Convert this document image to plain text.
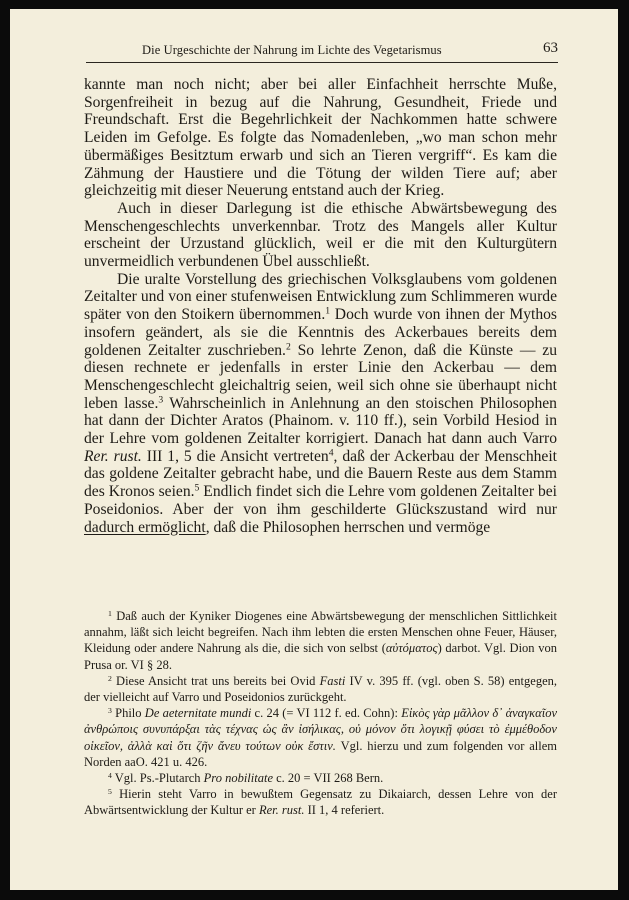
Die Urgeschichte der Nahrung im Lichte des Vegetarismus	63

kannte man noch nicht; aber bei aller Einfachheit herrschte Muße, Sorgenfreiheit in bezug auf die Nahrung, Gesundheit, Friede und Freundschaft. Erst die Begehrlichkeit der Nachkommen hatte schwere Leiden im Gefolge. Es folgte das Nomadenleben, „wo man schon mehr übermäßiges Besitztum erwarb und sich an Tieren vergriff“. Es kam die Zähmung der Haustiere und die Tötung der wilden Tiere auf; aber gleichzeitig mit dieser Neuerung entstand auch der Krieg.

Auch in dieser Darlegung ist die ethische Abwärtsbewegung des Menschengeschlechts unverkennbar. Trotz des Mangels aller Kultur erscheint der Urzustand glücklich, weil er die mit den Kulturgütern unvermeidlich verbundenen Übel ausschließt.

Die uralte Vorstellung des griechischen Volksglaubens vom goldenen Zeitalter und von einer stufenweisen Entwicklung zum Schlimmeren wurde später von den Stoikern übernommen.$^1$ Doch wurde von ihnen der Mythos insofern geändert, als sie die Kenntnis des Ackerbaues bereits dem goldenen Zeitalter zuschrieben.$^2$ So lehrte Zenon, daß die Künste — zu diesen rechnete er jedenfalls in erster Linie den Ackerbau — dem Menschengeschlecht gleichaltrig seien, weil sich ohne sie überhaupt nicht leben lasse.$^3$ Wahrscheinlich in Anlehnung an den stoischen Philosophen hat dann der Dichter Aratos (Phainom. v. 110 ff.), sein Vorbild Hesiod in der Lehre vom goldenen Zeitalter korrigiert. Danach hat dann auch Varro Rer. rust. III 1, 5 die Ansicht vertreten$^4$, daß der Ackerbau der Menschheit das goldene Zeitalter gebracht habe, und die Bauern Reste aus dem Stamm des Kronos seien.$^5$ Endlich findet sich die Lehre vom goldenen Zeitalter bei Poseidonios. Aber der von ihm geschilderte Glückszustand wird nur dadurch ermöglicht, daß die Philosophen herrschen und vermöge

$^1$ Daß auch der Kyniker Diogenes eine Abwärtsbewegung der menschlichen Sittlichkeit annahm, läßt sich leicht begreifen. Nach ihm lebten die ersten Menschen ohne Feuer, Häuser, Kleidung oder andere Nahrung als die, die sich von selbst (αὐτόματος) darbot. Vgl. Dion von Prusa or. VI § 28.

$^2$ Diese Ansicht trat uns bereits bei Ovid Fasti IV v. 395 ff. (vgl. oben S. 58) entgegen, der vielleicht auf Varro und Poseidonios zurückgeht.

$^3$ Philo De aeternitate mundi c. 24 (= VI 112 f. ed. Cohn): Εἰκὸς γὰρ μᾶλλον δ᾽ ἀναγκαῖον ἀνθρώποις συνυπάρξαι τὰς τέχνας ὡς ἂν ἰσήλικας, οὐ μόνον ὅτι λογικῇ φύσει τὸ ἐμμέθοδον οἰκεῖον, ἀλλὰ καὶ ὅτι ζῆν ἄνευ τούτων οὐκ ἔστιν. Vgl. hierzu und zum folgenden vor allem Norden aaO. 421 u. 426.

$^4$ Vgl. Ps.-Plutarch Pro nobilitate c. 20 = VII 268 Bern.

$^5$ Hierin steht Varro in bewußtem Gegensatz zu Dikaiarch, dessen Lehre von der Abwärtsentwicklung der Kultur er Rer. rust. II 1, 4 referiert.
